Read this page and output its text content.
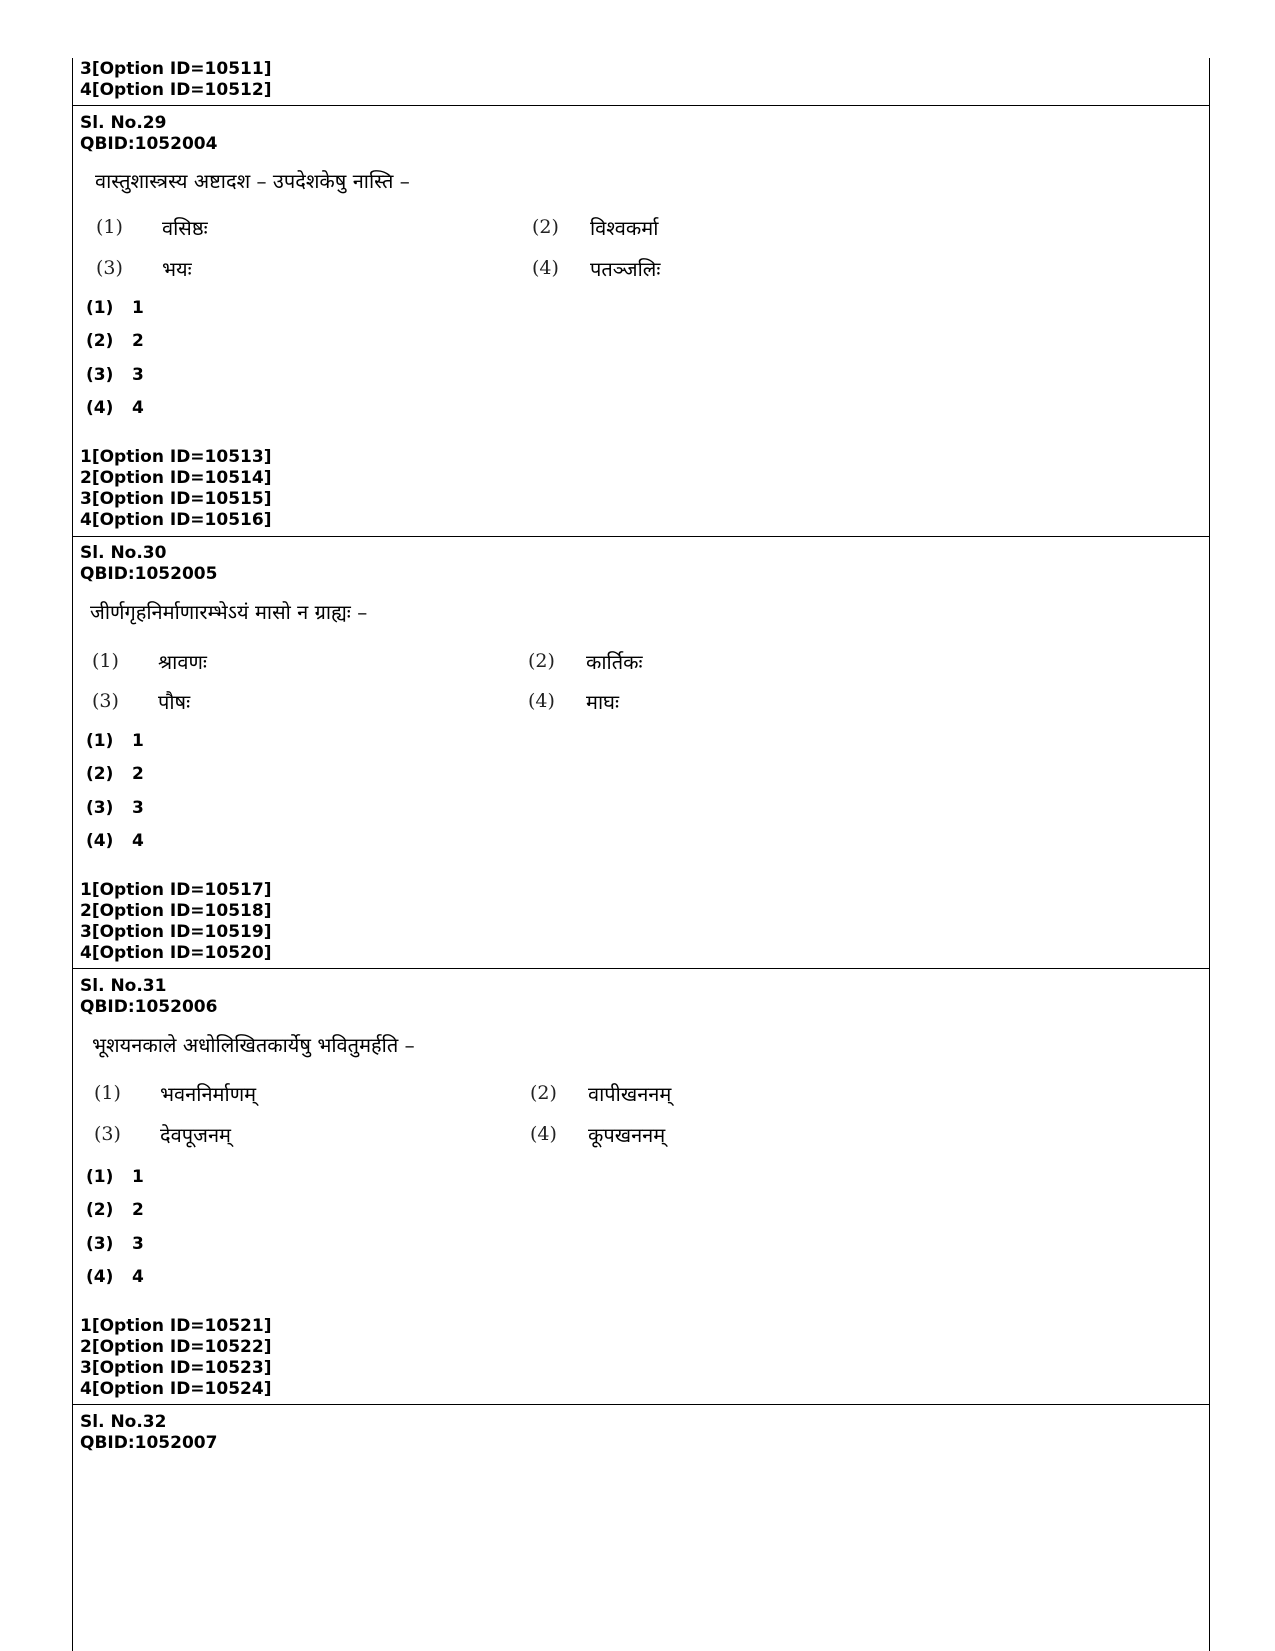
3[Option ID=10511]
4[Option ID=10512]
Sl. No.29
QBID:1052004
वास्तुशास्त्रस्य अष्टादश – उपदेशकेषु नास्ति –
(1) वसिष्ठः	(2) विश्वकर्मा
(3) भयः	(4) पतञ्जलिः
(1) 1
(2) 2
(3) 3
(4) 4
1[Option ID=10513]
2[Option ID=10514]
3[Option ID=10515]
4[Option ID=10516]
Sl. No.30
QBID:1052005
जीर्णगृहनिर्माणारम्भेऽयं मासो न ग्राह्यः –
(1) श्रावणः	(2) कार्तिकः
(3) पौषः	(4) माघः
(1) 1
(2) 2
(3) 3
(4) 4
1[Option ID=10517]
2[Option ID=10518]
3[Option ID=10519]
4[Option ID=10520]
Sl. No.31
QBID:1052006
भूशयनकाले अधोलिखितकार्येषु भवितुमर्हति –
(1) भवननिर्माणम्	(2) वापीखननम्
(3) देवपूजनम्	(4) कूपखननम्
(1) 1
(2) 2
(3) 3
(4) 4
1[Option ID=10521]
2[Option ID=10522]
3[Option ID=10523]
4[Option ID=10524]
Sl. No.32
QBID:1052007
